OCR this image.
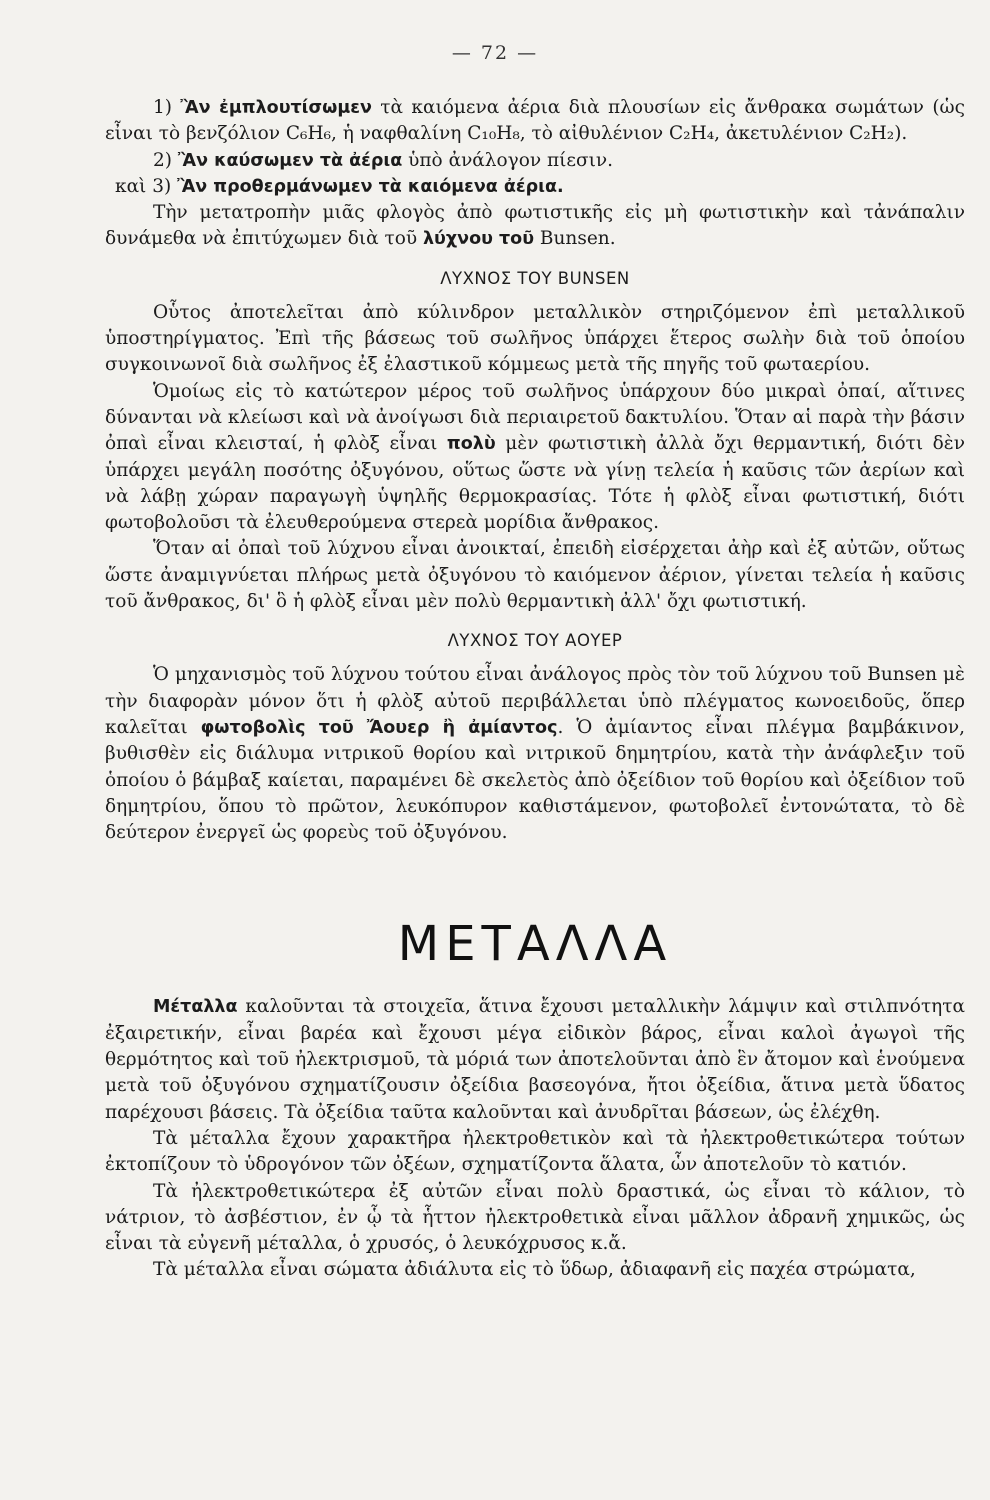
— 72 —

1) Ἂν ἐμπλουτίσωμεν τὰ καιόμενα ἀέρια διὰ πλουσίων εἰς ἄνθρακα σωμάτων (ὡς εἶναι τὸ βενζόλιον C₆H₆, ἡ ναφθαλίνη C₁₀H₈, τὸ αἰθυλένιον C₂H₄, ἀκετυλένιον C₂H₂).

2) Ἂν καύσωμεν τὰ ἀέρια ὑπὸ ἀνάλογον πίεσιν.

καὶ 3) Ἂν προθερμάνωμεν τὰ καιόμενα ἀέρια.

Τὴν μετατροπὴν μιᾶς φλογὸς ἀπὸ φωτιστικῆς εἰς μὴ φωτιστικὴν καὶ τἀνάπαλιν δυνάμεθα νὰ ἐπιτύχωμεν διὰ τοῦ λύχνου τοῦ Bunsen.

ΛΥΧΝΟΣ ΤΟΥ BUNSEN

Οὗτος ἀποτελεῖται ἀπὸ κύλινδρον μεταλλικὸν στηριζόμενον ἐπὶ μεταλλικοῦ ὑποστηρίγματος. Ἐπὶ τῆς βάσεως τοῦ σωλῆνος ὑπάρχει ἕτερος σωλὴν διὰ τοῦ ὁποίου συγκοινωνοῖ διὰ σωλῆνος ἐξ ἐλαστικοῦ κόμμεως μετὰ τῆς πηγῆς τοῦ φωταερίου.

Ὁμοίως εἰς τὸ κατώτερον μέρος τοῦ σωλῆνος ὑπάρχουν δύο μικραὶ ὀπαί, αἵτινες δύνανται νὰ κλείωσι καὶ νὰ ἀνοίγωσι διὰ περιαιρετοῦ δακτυλίου. Ὅταν αἱ παρὰ τὴν βάσιν ὀπαὶ εἶναι κλεισταί, ἡ φλὸξ εἶναι πολὺ μὲν φωτιστικὴ ἀλλὰ ὄχι θερμαντική, διότι δὲν ὑπάρχει μεγάλη ποσότης ὀξυγόνου, οὕτως ὥστε νὰ γίνῃ τελεία ἡ καῦσις τῶν ἀερίων καὶ νὰ λάβῃ χώραν παραγωγὴ ὑψηλῆς θερμοκρασίας. Τότε ἡ φλὸξ εἶναι φωτιστική, διότι φωτοβολοῦσι τὰ ἐλευθερούμενα στερεὰ μορίδια ἄνθρακος.

Ὅταν αἱ ὀπαὶ τοῦ λύχνου εἶναι ἀνοικταί, ἐπειδὴ εἰσέρχεται ἀὴρ καὶ ἐξ αὐτῶν, οὕτως ὥστε ἀναμιγνύεται πλήρως μετὰ ὀξυγόνου τὸ καιόμενον ἀέριον, γίνεται τελεία ἡ καῦσις τοῦ ἄνθρακος, δι' ὃ ἡ φλὸξ εἶναι μὲν πολὺ θερμαντικὴ ἀλλ' ὄχι φωτιστική.

ΛΥΧΝΟΣ ΤΟΥ ΑΟΥΕΡ

Ὁ μηχανισμὸς τοῦ λύχνου τούτου εἶναι ἀνάλογος πρὸς τὸν τοῦ λύχνου τοῦ Bunsen μὲ τὴν διαφορὰν μόνον ὅτι ἡ φλὸξ αὐτοῦ περιβάλλεται ὑπὸ πλέγματος κωνοειδοῦς, ὅπερ καλεῖται φωτοβολὶς τοῦ Ἄουερ ἢ ἀμίαντος. Ὁ ἀμίαντος εἶναι πλέγμα βαμβάκινον, βυθισθὲν εἰς διάλυμα νιτρικοῦ θορίου καὶ νιτρικοῦ δημητρίου, κατὰ τὴν ἀνάφλεξιν τοῦ ὁποίου ὁ βάμβαξ καίεται, παραμένει δὲ σκελετὸς ἀπὸ ὀξείδιον τοῦ θορίου καὶ ὀξείδιον τοῦ δημητρίου, ὅπου τὸ πρῶτον, λευκόπυρον καθιστάμενον, φωτοβολεῖ ἐντονώτατα, τὸ δὲ δεύτερον ἐνεργεῖ ὡς φορεὺς τοῦ ὀξυγόνου.

ΜΕΤΑΛΛΑ

Μέταλλα καλοῦνται τὰ στοιχεῖα, ἅτινα ἔχουσι μεταλλικὴν λάμψιν καὶ στιλπνότητα ἐξαιρετικήν, εἶναι βαρέα καὶ ἔχουσι μέγα εἰδικὸν βάρος, εἶναι καλοὶ ἀγωγοὶ τῆς θερμότητος καὶ τοῦ ἠλεκτρισμοῦ, τὰ μόριά των ἀποτελοῦνται ἀπὸ ἓν ἄτομον καὶ ἑνούμενα μετὰ τοῦ ὀξυγόνου σχηματίζουσιν ὀξείδια βασεογόνα, ἤτοι ὀξείδια, ἅτινα μετὰ ὕδατος παρέχουσι βάσεις. Τὰ ὀξείδια ταῦτα καλοῦνται καὶ ἀνυδρῖται βάσεων, ὡς ἐλέχθη.

Τὰ μέταλλα ἔχουν χαρακτῆρα ἠλεκτροθετικὸν καὶ τὰ ἠλεκτροθετικώτερα τούτων ἐκτοπίζουν τὸ ὑδρογόνον τῶν ὀξέων, σχηματίζοντα ἅλατα, ὧν ἀποτελοῦν τὸ κατιόν.

Τὰ ἠλεκτροθετικώτερα ἐξ αὐτῶν εἶναι πολὺ δραστικά, ὡς εἶναι τὸ κάλιον, τὸ νάτριον, τὸ ἀσβέστιον, ἐν ᾧ τὰ ἧττον ἠλεκτροθετικὰ εἶναι μᾶλλον ἀδρανῆ χημικῶς, ὡς εἶναι τὰ εὐγενῆ μέταλλα, ὁ χρυσός, ὁ λευκόχρυσος κ.ἄ.

Τὰ μέταλλα εἶναι σώματα ἀδιάλυτα εἰς τὸ ὕδωρ, ἀδιαφανῆ εἰς παχέα στρώματα,
